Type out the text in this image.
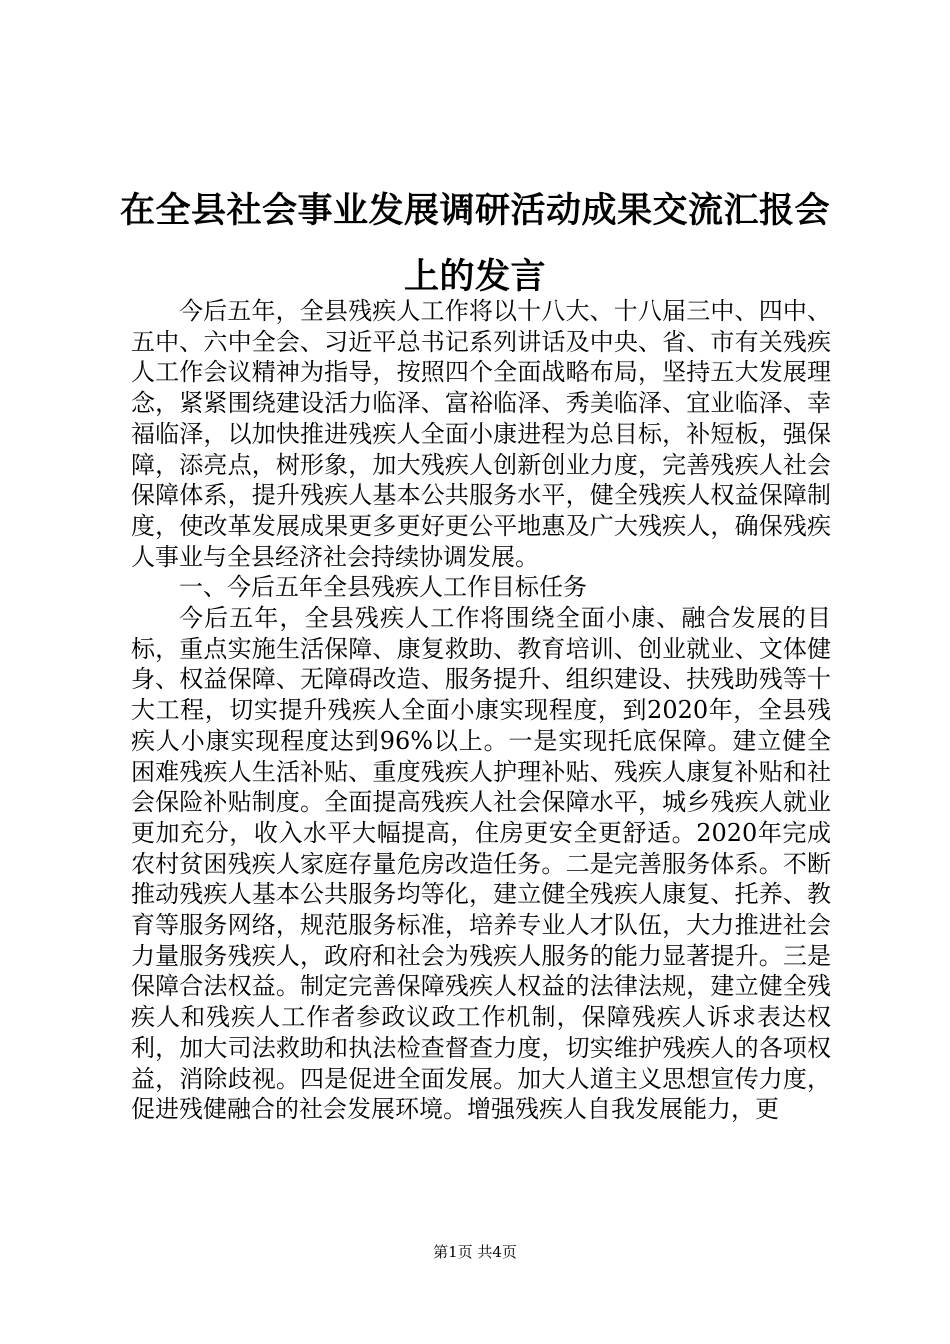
在全县社会事业发展调研活动成果交流汇报会上的发言

今后五年，全县残疾人工作将以十八大、十八届三中、四中、五中、六中全会、习近平总书记系列讲话及中央、省、市有关残疾人工作会议精神为指导，按照四个全面战略布局，坚持五大发展理念，紧紧围绕建设活力临泽、富裕临泽、秀美临泽、宜业临泽、幸福临泽，以加快推进残疾人全面小康进程为总目标，补短板，强保障，添亮点，树形象，加大残疾人创新创业力度，完善残疾人社会保障体系，提升残疾人基本公共服务水平，健全残疾人权益保障制度，使改革发展成果更多更好更公平地惠及广大残疾人，确保残疾人事业与全县经济社会持续协调发展。

一、今后五年全县残疾人工作目标任务

今后五年，全县残疾人工作将围绕全面小康、融合发展的目标，重点实施生活保障、康复救助、教育培训、创业就业、文体健身、权益保障、无障碍改造、服务提升、组织建设、扶残助残等十大工程，切实提升残疾人全面小康实现程度，到2020年，全县残疾人小康实现程度达到96%以上。一是实现托底保障。建立健全困难残疾人生活补贴、重度残疾人护理补贴、残疾人康复补贴和社会保险补贴制度。全面提高残疾人社会保障水平，城乡残疾人就业更加充分，收入水平大幅提高，住房更安全更舒适。2020年完成农村贫困残疾人家庭存量危房改造任务。二是完善服务体系。不断推动残疾人基本公共服务均等化，建立健全残疾人康复、托养、教育等服务网络，规范服务标准，培养专业人才队伍，大力推进社会力量服务残疾人，政府和社会为残疾人服务的能力显著提升。三是保障合法权益。制定完善保障残疾人权益的法律法规，建立健全残疾人和残疾人工作者参政议政工作机制，保障残疾人诉求表达权利，加大司法救助和执法检查督查力度，切实维护残疾人的各项权益，消除歧视。四是促进全面发展。加大人道主义思想宣传力度，促进残健融合的社会发展环境。增强残疾人自我发展能力，更

第1页 共4页
